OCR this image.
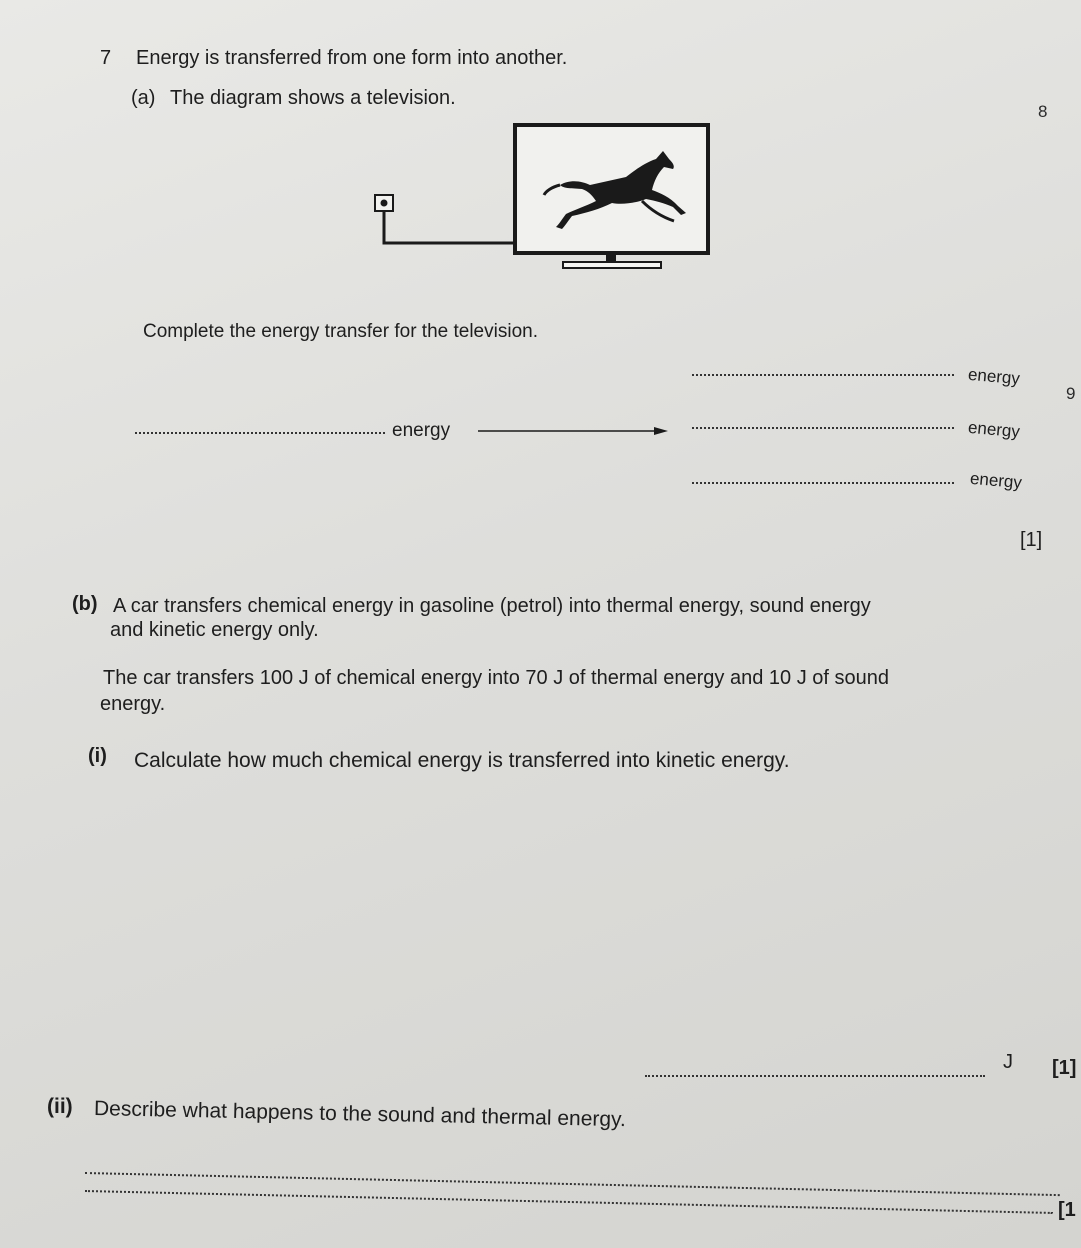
7 Energy is transferred from one form into another.
(a) The diagram shows a television.
8
Complete the energy transfer for the television.
energy
9
energy	energy
energy
[1]
(b) A car transfers chemical energy in gasoline (petrol) into thermal energy, sound energy
and kinetic energy only.
The car transfers 100 J of chemical energy into 70 J of thermal energy and 10 J of sound
energy.
(i) Calculate how much chemical energy is transferred into kinetic energy.
J [1]
(ii) Describe what happens to the sound and thermal energy.
[1
